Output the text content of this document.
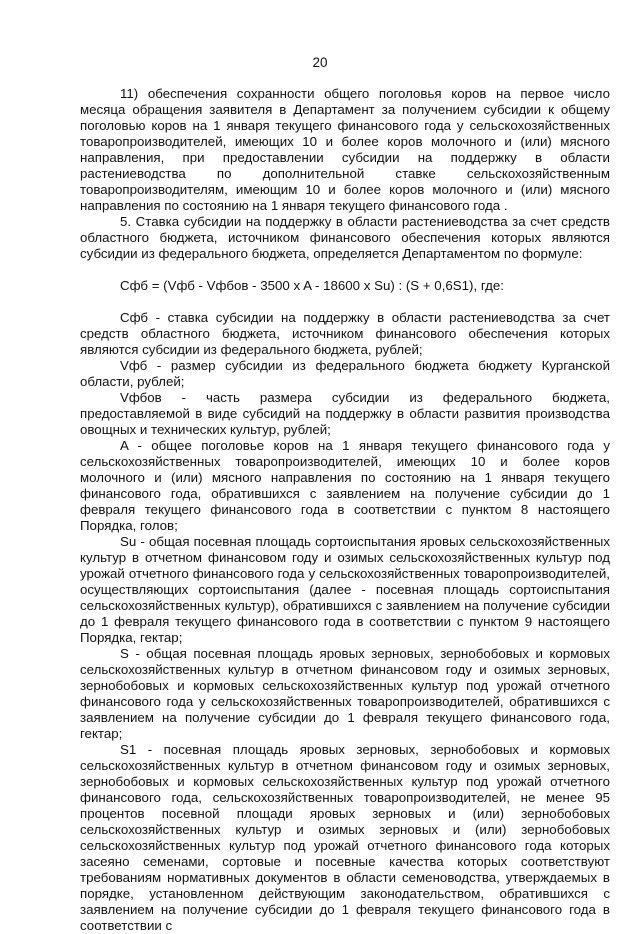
20

11) обеспечения сохранности общего поголовья коров на первое число месяца обращения заявителя в Департамент за получением субсидии к общему поголовью коров на 1 января текущего финансового года у сельскохозяйственных товаропроизводителей, имеющих 10 и более коров молочного и (или) мясного направления, при предоставлении субсидии на поддержку в области растениеводства по дополнительной ставке сельскохозяйственным товаропроизводителям, имеющим 10 и более коров молочного и (или) мясного направления по состоянию на 1 января текущего финансового года .

5. Ставка субсидии на поддержку в области растениеводства за счет средств областного бюджета, источником финансового обеспечения которых являются субсидии из федерального бюджета, определяется Департаментом по формуле:

Сфб = (Vфб - Vфбов - 3500 x A - 18600 x Su) : (S + 0,6S1), где:

Сфб - ставка субсидии на поддержку в области растениеводства за счет средств областного бюджета, источником финансового обеспечения которых являются субсидии из федерального бюджета, рублей;

Vфб - размер субсидии из федерального бюджета бюджету Курганской области, рублей;

Vфбов - часть размера субсидии из федерального бюджета, предоставляемой в виде субсидий на поддержку в области развития производства овощных и технических культур, рублей;

A - общее поголовье коров на 1 января текущего финансового года у сельскохозяйственных товаропроизводителей, имеющих 10 и более коров молочного и (или) мясного направления по состоянию на 1 января текущего финансового года, обратившихся с заявлением на получение субсидии до 1 февраля текущего финансового года в соответствии с пунктом 8 настоящего Порядка, голов;

Su - общая посевная площадь сортоиспытания яровых сельскохозяйственных культур в отчетном финансовом году и озимых сельскохозяйственных культур под урожай отчетного финансового года у сельскохозяйственных товаропроизводителей, осуществляющих сортоиспытания (далее - посевная площадь сортоиспытания сельскохозяйственных культур), обратившихся с заявлением на получение субсидии до 1 февраля текущего финансового года в соответствии с пунктом 9 настоящего Порядка, гектар;

S - общая посевная площадь яровых зерновых, зернобобовых и кормовых сельскохозяйственных культур в отчетном финансовом году и озимых зерновых, зернобобовых и кормовых сельскохозяйственных культур под урожай отчетного финансового года у сельскохозяйственных товаропроизводителей, обратившихся с заявлением на получение субсидии до 1 февраля текущего финансового года, гектар;

S1 - посевная площадь яровых зерновых, зернобобовых и кормовых сельскохозяйственных культур в отчетном финансовом году и озимых зерновых, зернобобовых и кормовых сельскохозяйственных культур под урожай отчетного финансового года, сельскохозяйственных товаропроизводителей, не менее 95 процентов посевной площади яровых зерновых и (или) зернобобовых сельскохозяйственных культур и озимых зерновых и (или) зернобобовых сельскохозяйственных культур под урожай отчетного финансового года которых засеяно семенами, сортовые и посевные качества которых соответствуют требованиям нормативных документов в области семеноводства, утверждаемых в порядке, установленном действующим законодательством, обратившихся с заявлением на получение субсидии до 1 февраля текущего финансового года в соответствии с
